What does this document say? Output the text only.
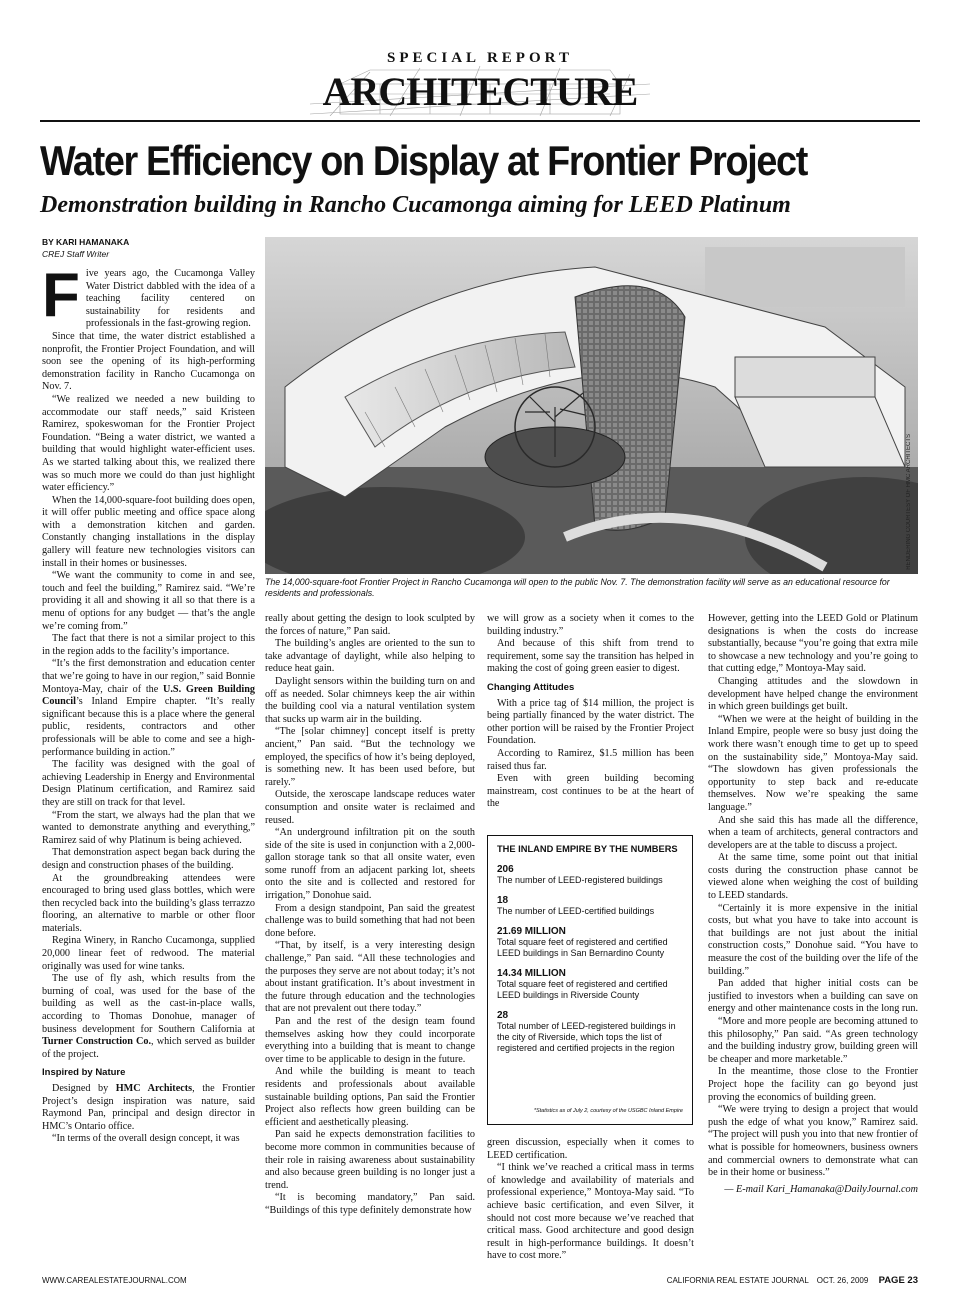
SPECIAL REPORT
ARCHITECTURE
Water Efficiency on Display at Frontier Project
Demonstration building in Rancho Cucamonga aiming for LEED Platinum
BY KARI HAMANAKA
CREJ Staff Writer

Five years ago, the Cucamonga Valley Water District dabbled with the idea of a teaching facility centered on sustainability for residents and professionals in the fast-growing region.

Since that time, the water district established a nonprofit, the Frontier Project Foundation, and will soon see the opening of its high-performing demonstration facility in Rancho Cucamonga on Nov. 7.

“We realized we needed a new building to accommodate our staff needs,” said Kristeen Ramirez, spokeswoman for the Frontier Project Foundation. “Being a water district, we wanted a building that would highlight water-efficient uses. As we started talking about this, we realized there was so much more we could do than just highlight water efficiency.”

When the 14,000-square-foot building does open, it will offer public meeting and office space along with a demonstration kitchen and garden. Constantly changing installations in the display gallery will feature new technologies visitors can install in their homes or businesses.

“We want the community to come in and see, touch and feel the building,” Ramirez said. “We’re providing it all and showing it all so that there is a menu of options for any budget — that’s the angle we’re coming from.”

The fact that there is not a similar project to this in the region adds to the facility’s importance.

“It’s the first demonstration and education center that we’re going to have in our region,” said Bonnie Montoya-May, chair of the U.S. Green Building Council’s Inland Empire chapter. “It’s really significant because this is a place where the general public, residents, contractors and other professionals will be able to come and see a high-performance building in action.”

The facility was designed with the goal of achieving Leadership in Energy and Environmental Design Platinum certification, and Ramirez said they are still on track for that level.

“From the start, we always had the plan that we wanted to demonstrate anything and everything,” Ramirez said of why Platinum is being achieved.

That demonstration aspect began back during the design and construction phases of the building.

At the groundbreaking attendees were encouraged to bring used glass bottles, which were then recycled back into the building’s glass terrazzo flooring, an alternative to marble or other floor materials.

Regina Winery, in Rancho Cucamonga, supplied 20,000 linear feet of redwood. The material originally was used for wine tanks.

The use of fly ash, which results from the burning of coal, was used for the base of the building as well as the cast-in-place walls, according to Thomas Donohue, manager of business development for Southern California at Turner Construction Co., which served as builder of the project.

Inspired by Nature

Designed by HMC Architects, the Frontier Project’s design inspiration was nature, said Raymond Pan, principal and design director in HMC’s Ontario office.

“In terms of the overall design concept, it was

RENDERING COURTESY OF HMC ARCHITECTS
The 14,000-square-foot Frontier Project in Rancho Cucamonga will open to the public Nov. 7. The demonstration facility will serve as an educational resource for residents and professionals.

really about getting the design to look sculpted by the forces of nature,” Pan said.

The building’s angles are oriented to the sun to take advantage of daylight, while also helping to reduce heat gain.

Daylight sensors within the building turn on and off as needed. Solar chimneys keep the air within the building cool via a natural ventilation system that sucks up warm air in the building.

“The [solar chimney] concept itself is pretty ancient,” Pan said. “But the technology we employed, the specifics of how it’s being deployed, is something new. It has been used before, but rarely.”

Outside, the xeroscape landscape reduces water consumption and onsite water is reclaimed and reused.

“An underground infiltration pit on the south side of the site is used in conjunction with a 2,000-gallon storage tank so that all onsite water, even some runoff from an adjacent parking lot, sheets onto the site and is collected and restored for irrigation,” Donohue said.

From a design standpoint, Pan said the greatest challenge was to build something that had not been done before.

“That, by itself, is a very interesting design challenge,” Pan said. “All these technologies and the purposes they serve are not about today; it’s not about instant gratification. It’s about investment in the future through education and the technologies that are not prevalent out there today.”

Pan and the rest of the design team found themselves asking how they could incorporate everything into a building that is meant to change over time to be applicable to design in the future.

And while the building is meant to teach residents and professionals about available sustainable building options, Pan said the Frontier Project also reflects how green building can be efficient and aesthetically pleasing.

Pan said he expects demonstration facilities to become more common in communities because of their role in raising awareness about sustainability and also because green building is no longer just a trend.

“It is becoming mandatory,” Pan said. “Buildings of this type definitely demonstrate how

we will grow as a society when it comes to the building industry.”

And because of this shift from trend to requirement, some say the transition has helped in making the cost of going green easier to digest.

Changing Attitudes

With a price tag of $14 million, the project is being partially financed by the water district. The other portion will be raised by the Frontier Project Foundation.

According to Ramirez, $1.5 million has been raised thus far.

Even with green building becoming mainstream, cost continues to be at the heart of the

THE INLAND EMPIRE BY THE NUMBERS
206
The number of LEED-registered buildings
18
The number of LEED-certified buildings
21.69 MILLION
Total square feet of registered and certified LEED buildings in San Bernardino County
14.34 MILLION
Total square feet of registered and certified LEED buildings in Riverside County
28
Total number of LEED-registered buildings in the city of Riverside, which tops the list of registered and certified projects in the region
*Statistics as of July 2, courtesy of the USGBC Inland Empire

green discussion, especially when it comes to LEED certification.

“I think we’ve reached a critical mass in terms of knowledge and availability of materials and professional experience,” Montoya-May said. “To achieve basic certification, and even Silver, it should not cost more because we’ve reached that critical mass. Good architecture and good design result in high-performance buildings. It doesn’t have to cost more.”

However, getting into the LEED Gold or Platinum designations is when the costs do increase substantially, because “you’re going that extra mile to showcase a new technology and you’re going to that cutting edge,” Montoya-May said.

Changing attitudes and the slowdown in development have helped change the environment in which green buildings get built.

“When we were at the height of building in the Inland Empire, people were so busy just doing the work there wasn’t enough time to get up to speed on the sustainability side,” Montoya-May said. “The slowdown has given professionals the opportunity to step back and re-educate themselves. Now we’re speaking the same language.”

And she said this has made all the difference, when a team of architects, general contractors and developers are at the table to discuss a project.

At the same time, some point out that initial costs during the construction phase cannot be viewed alone when weighing the cost of building to LEED standards.

“Certainly it is more expensive in the initial costs, but what you have to take into account is that buildings are not just about the initial construction costs,” Donohue said. “You have to measure the cost of the building over the life of the building.”

Pan added that higher initial costs can be justified to investors when a building can save on energy and other maintenance costs in the long run.

“More and more people are becoming attuned to this philosophy,” Pan said. “As green technology and the building industry grow, building green will be cheaper and more marketable.”

In the meantime, those close to the Frontier Project hope the facility can go beyond just proving the economics of building green.

“We were trying to design a project that would push the edge of what you know,” Ramirez said. “The project will push you into that new frontier of what is possible for homeowners, business owners and commercial owners to demonstrate what can be in their home or business.”

— E-mail Kari_Hamanaka@DailyJournal.com
WWW.CAREALESTATEJOURNAL.COM	CALIFORNIA REAL ESTATE JOURNAL OCT. 26, 2009 PAGE 23
